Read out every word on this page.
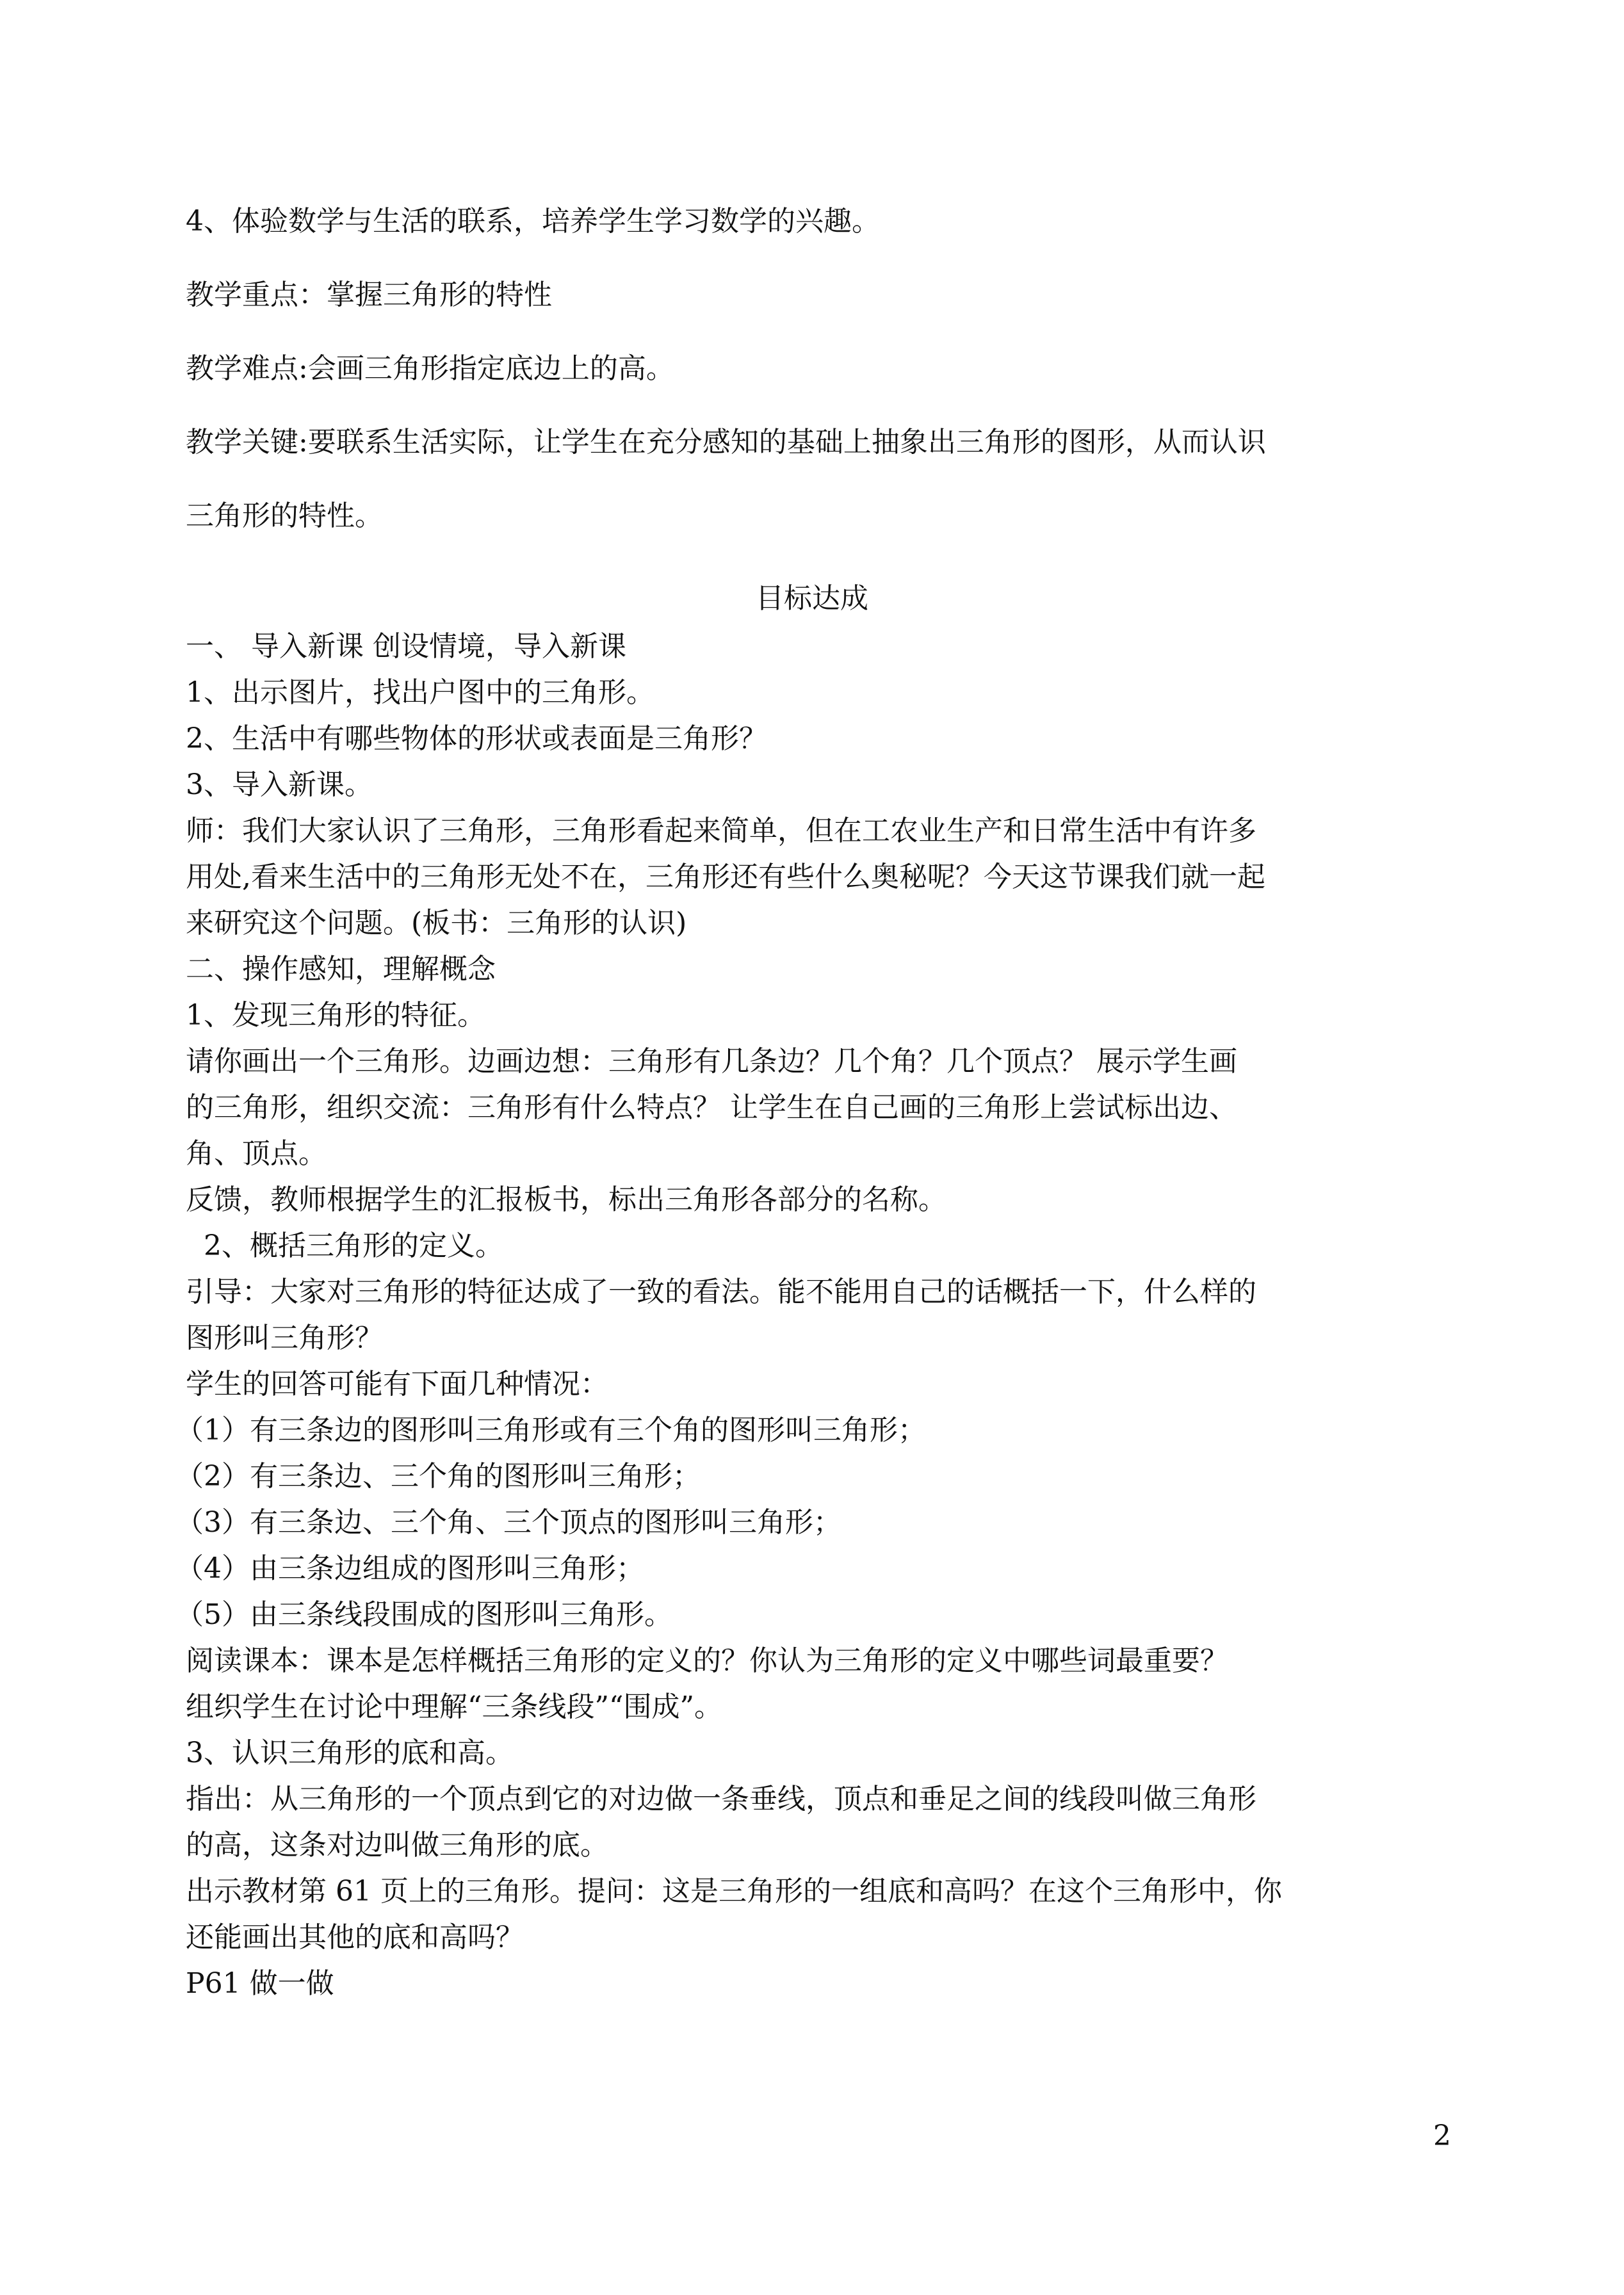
4、体验数学与生活的联系，培养学生学习数学的兴趣。
教学重点：掌握三角形的特性
教学难点:会画三角形指定底边上的高。
教学关键:要联系生活实际，让学生在充分感知的基础上抽象出三角形的图形，从而认识
三角形的特性。
目标达成
一、 导入新课 创设情境，导入新课
1、出示图片，找出户图中的三角形。
2、生活中有哪些物体的形状或表面是三角形？
3、导入新课。
师：我们大家认识了三角形，三角形看起来简单，但在工农业生产和日常生活中有许多
用处,看来生活中的三角形无处不在，三角形还有些什么奥秘呢？今天这节课我们就一起
来研究这个问题。(板书：三角形的认识)
二、操作感知，理解概念
1、发现三角形的特征。
请你画出一个三角形。边画边想：三角形有几条边？几个角？几个顶点？ 展示学生画
的三角形，组织交流：三角形有什么特点？ 让学生在自己画的三角形上尝试标出边、
角、顶点。
反馈，教师根据学生的汇报板书，标出三角形各部分的名称。
2、概括三角形的定义。
引导：大家对三角形的特征达成了一致的看法。能不能用自己的话概括一下，什么样的
图形叫三角形？
学生的回答可能有下面几种情况：
（1）有三条边的图形叫三角形或有三个角的图形叫三角形；
（2）有三条边、三个角的图形叫三角形；
（3）有三条边、三个角、三个顶点的图形叫三角形；
（4）由三条边组成的图形叫三角形；
（5）由三条线段围成的图形叫三角形。
阅读课本：课本是怎样概括三角形的定义的？你认为三角形的定义中哪些词最重要？
组织学生在讨论中理解“三条线段”“围成”。
3、认识三角形的底和高。
指出：从三角形的一个顶点到它的对边做一条垂线，顶点和垂足之间的线段叫做三角形
的高，这条对边叫做三角形的底。
出示教材第 61 页上的三角形。提问：这是三角形的一组底和高吗？在这个三角形中，你
还能画出其他的底和高吗？
P61 做一做
2
